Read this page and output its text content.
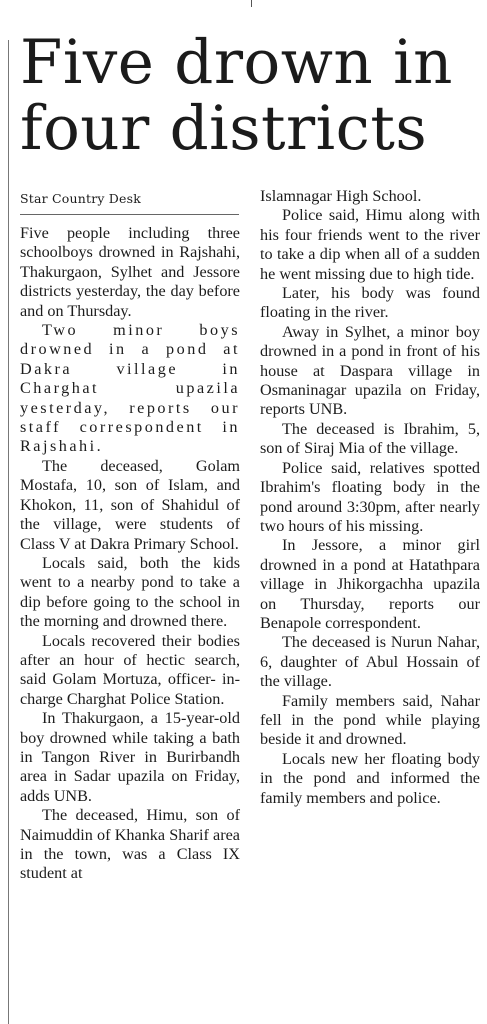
Five drown in four districts
Star Country Desk

Five people including three schoolboys drowned in Rajshahi, Thakurgaon, Sylhet and Jessore districts yesterday, the day before and on Thursday.

Two minor boys drowned in a pond at Dakra village in Charghat upazila yesterday, reports our staff correspondent in Rajshahi.

The deceased, Golam Mostafa, 10, son of Islam, and Khokon, 11, son of Shahidul of the village, were students of Class V at Dakra Primary School.

Locals said, both the kids went to a nearby pond to take a dip before going to the school in the morning and drowned there.

Locals recovered their bodies after an hour of hectic search, said Golam Mortuza, officer- in-charge Charghat Police Station.

In Thakurgaon, a 15-year-old boy drowned while taking a bath in Tangon River in Burirbandh area in Sadar upazila on Friday, adds UNB.

The deceased, Himu, son of Naimuddin of Khanka Sharif area in the town, was a Class IX student at

Islamnagar High School.

Police said, Himu along with his four friends went to the river to take a dip when all of a sudden he went missing due to high tide.

Later, his body was found floating in the river.

Away in Sylhet, a minor boy drowned in a pond in front of his house at Daspara village in Osmaninagar upazila on Friday, reports UNB.

The deceased is Ibrahim, 5, son of Siraj Mia of the village.

Police said, relatives spotted Ibrahim's floating body in the pond around 3:30pm, after nearly two hours of his missing.

In Jessore, a minor girl drowned in a pond at Hatathpara village in Jhikorgachha upazila on Thursday, reports our Benapole correspondent.

The deceased is Nurun Nahar, 6, daughter of Abul Hossain of the village.

Family members said, Nahar fell in the pond while playing beside it and drowned.

Locals new her floating body in the pond and informed the family members and police.
